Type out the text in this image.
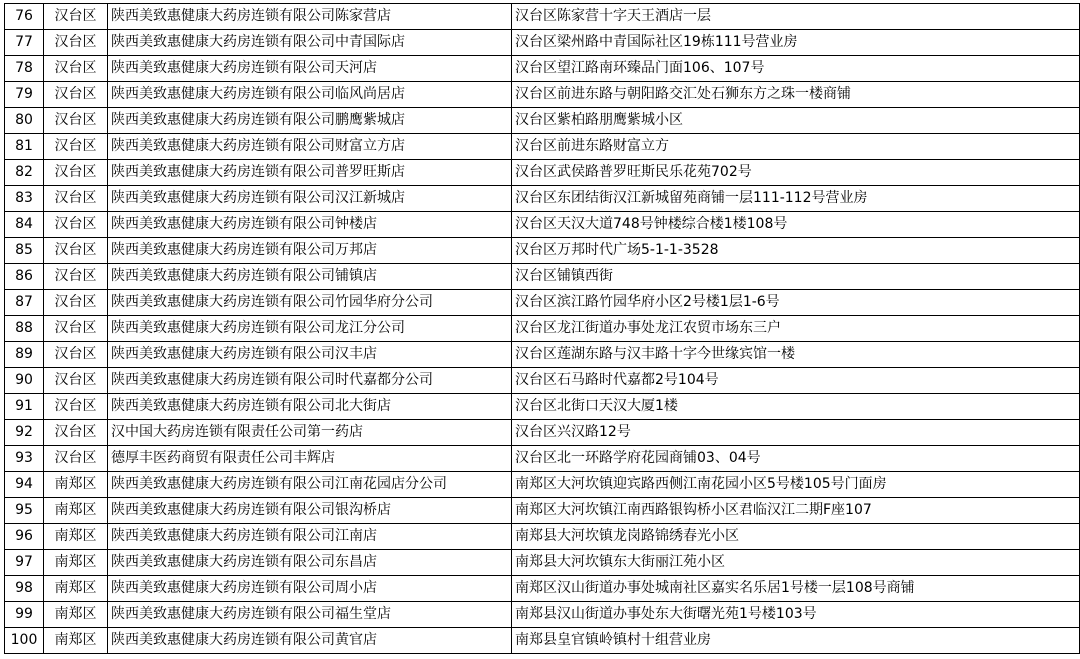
76	汉台区	陕西美致惠健康大药房连锁有限公司陈家营店	汉台区陈家营十字天王酒店一层
77	汉台区	陕西美致惠健康大药房连锁有限公司中青国际店	汉台区梁州路中青国际社区19栋111号营业房
78	汉台区	陕西美致惠健康大药房连锁有限公司天河店	汉台区望江路南环臻品门面106、107号
79	汉台区	陕西美致惠健康大药房连锁有限公司临风尚居店	汉台区前进东路与朝阳路交汇处石狮东方之珠一楼商铺
80	汉台区	陕西美致惠健康大药房连锁有限公司鹏鹰紫城店	汉台区紫柏路朋鹰紫城小区
81	汉台区	陕西美致惠健康大药房连锁有限公司财富立方店	汉台区前进东路财富立方
82	汉台区	陕西美致惠健康大药房连锁有限公司普罗旺斯店	汉台区武侯路普罗旺斯民乐花苑702号
83	汉台区	陕西美致惠健康大药房连锁有限公司汉江新城店	汉台区东团结街汉江新城留苑商铺一层111-112号营业房
84	汉台区	陕西美致惠健康大药房连锁有限公司钟楼店	汉台区天汉大道748号钟楼综合楼1楼108号
85	汉台区	陕西美致惠健康大药房连锁有限公司万邦店	汉台区万邦时代广场5-1-1-3528
86	汉台区	陕西美致惠健康大药房连锁有限公司铺镇店	汉台区铺镇西街
87	汉台区	陕西美致惠健康大药房连锁有限公司竹园华府分公司	汉台区滨江路竹园华府小区2号楼1层1-6号
88	汉台区	陕西美致惠健康大药房连锁有限公司龙江分公司	汉台区龙江街道办事处龙江农贸市场东三户
89	汉台区	陕西美致惠健康大药房连锁有限公司汉丰店	汉台区莲湖东路与汉丰路十字今世缘宾馆一楼
90	汉台区	陕西美致惠健康大药房连锁有限公司时代嘉都分公司	汉台区石马路时代嘉都2号104号
91	汉台区	陕西美致惠健康大药房连锁有限公司北大街店	汉台区北街口天汉大厦1楼
92	汉台区	汉中国大药房连锁有限责任公司第一药店	汉台区兴汉路12号
93	汉台区	德厚丰医药商贸有限责任公司丰辉店	汉台区北一环路学府花园商铺03、04号
94	南郑区	陕西美致惠健康大药房连锁有限公司江南花园店分公司	南郑区大河坎镇迎宾路西侧江南花园小区5号楼105号门面房
95	南郑区	陕西美致惠健康大药房连锁有限公司银沟桥店	南郑区大河坎镇江南西路银钩桥小区君临汉江二期F座107
96	南郑区	陕西美致惠健康大药房连锁有限公司江南店	南郑县大河坎镇龙岗路锦绣春光小区
97	南郑区	陕西美致惠健康大药房连锁有限公司东昌店	南郑县大河坎镇东大街丽江苑小区
98	南郑区	陕西美致惠健康大药房连锁有限公司周小店	南郑区汉山街道办事处城南社区嘉实名乐居1号楼一层108号商铺
99	南郑区	陕西美致惠健康大药房连锁有限公司福生堂店	南郑县汉山街道办事处东大街曙光苑1号楼103号
100	南郑区	陕西美致惠健康大药房连锁有限公司黄官店	南郑县皇官镇岭镇村十组营业房
